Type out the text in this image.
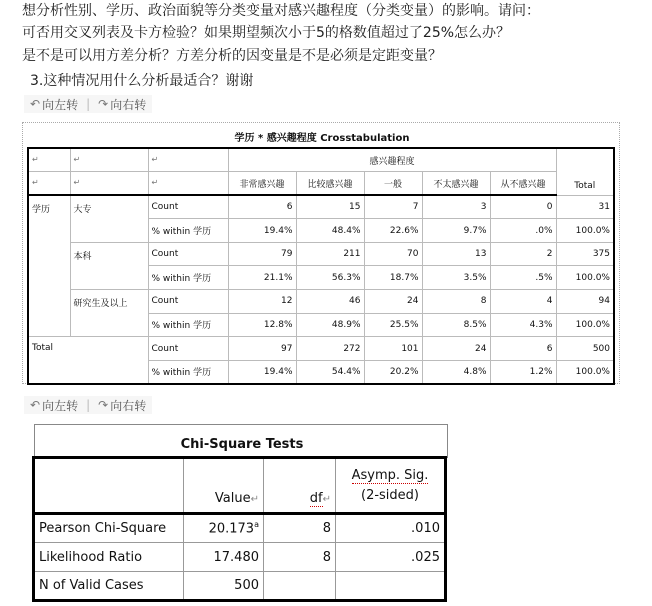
想分析性别、学历、政治面貌等分类变量对感兴趣程度（分类变量）的影响。请问：
可否用交叉列表及卡方检验？如果期望频次小于5的格数值超过了25%怎么办？
是不是可以用方差分析？方差分析的因变量是不是必须是定距变量？
3.这种情况用什么分析最适合？谢谢
↶ 向左转 | ↷ 向右转
学历 * 感兴趣程度 Crosstabulation
↵	↵	↵	感兴趣程度					Total
↵	↵	↵	非常感兴趣	比较感兴趣	一般	不太感兴趣	从不感兴趣	
学历	大专	Count	6	15	7	3	0	31
		% within 学历	19.4%	48.4%	22.6%	9.7%	.0%	100.0%
	本科	Count	79	211	70	13	2	375
		% within 学历	21.1%	56.3%	18.7%	3.5%	.5%	100.0%
	研究生及以上	Count	12	46	24	8	4	94
		% within 学历	12.8%	48.9%	25.5%	8.5%	4.3%	100.0%
Total		Count	97	272	101	24	6	500
		% within 学历	19.4%	54.4%	20.2%	4.8%	1.2%	100.0%
↶ 向左转 | ↷ 向右转
Chi-Square Tests
	Value↵	df↵	Asymp. Sig.
(2-sided)
Pearson Chi-Square	20.173$^a$	8	.010
Likelihood Ratio	17.480	8	.025
N of Valid Cases	500		
